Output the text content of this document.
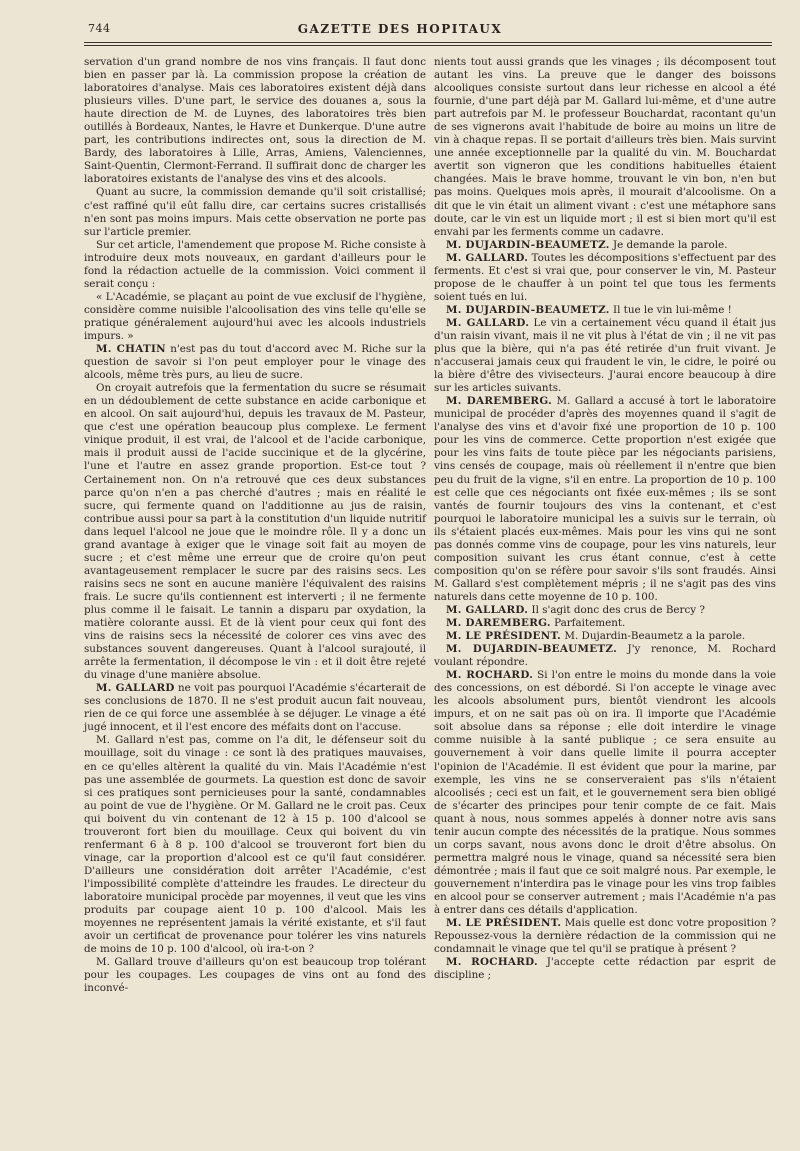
744	GAZETTE DES HOPITAUX

servation d'un grand nombre de nos vins français. Il faut donc bien en passer par là. La commission propose la création de laboratoires d'analyse. Mais ces laboratoires existent déjà dans plusieurs villes. D'une part, le service des douanes a, sous la haute direction de M. de Luynes, des laboratoires très bien outillés à Bordeaux, Nantes, le Havre et Dunkerque. D'une autre part, les contributions indirectes ont, sous la direction de M. Bardy, des laboratoires à Lille, Arras, Amiens, Valenciennes, Saint-Quentin, Clermont-Ferrand. Il suffirait donc de charger les laboratoires existants de l'analyse des vins et des alcools.

Quant au sucre, la commission demande qu'il soit cristallisé; c'est raffiné qu'il eût fallu dire, car certains sucres cristallisés n'en sont pas moins impurs. Mais cette observation ne porte pas sur l'article premier.

Sur cet article, l'amendement que propose M. Riche consiste à introduire deux mots nouveaux, en gardant d'ailleurs pour le fond la rédaction actuelle de la commission. Voici comment il serait conçu :

« L'Académie, se plaçant au point de vue exclusif de l'hygiène, considère comme nuisible l'alcoolisation des vins telle qu'elle se pratique généralement aujourd'hui avec les alcools industriels impurs. »

M. CHATIN n'est pas du tout d'accord avec M. Riche sur la question de savoir si l'on peut employer pour le vinage des alcools, même très purs, au lieu de sucre.

On croyait autrefois que la fermentation du sucre se résumait en un dédoublement de cette substance en acide carbonique et en alcool. On sait aujourd'hui, depuis les travaux de M. Pasteur, que c'est une opération beaucoup plus complexe. Le ferment vinique produit, il est vrai, de l'alcool et de l'acide carbonique, mais il produit aussi de l'acide succinique et de la glycérine, l'une et l'autre en assez grande proportion. Est-ce tout ? Certainement non. On n'a retrouvé que ces deux substances parce qu'on n'en a pas cherché d'autres ; mais en réalité le sucre, qui fermente quand on l'additionne au jus de raisin, contribue aussi pour sa part à la constitution d'un liquide nutritif dans lequel l'alcool ne joue que le moindre rôle. Il y a donc un grand avantage à exiger que le vinage soit fait au moyen de sucre ; et c'est même une erreur que de croire qu'on peut avantageusement remplacer le sucre par des raisins secs. Les raisins secs ne sont en aucune manière l'équivalent des raisins frais. Le sucre qu'ils contiennent est interverti ; il ne fermente plus comme il le faisait. Le tannin a disparu par oxydation, la matière colorante aussi. Et de là vient pour ceux qui font des vins de raisins secs la nécessité de colorer ces vins avec des substances souvent dangereuses. Quant à l'alcool surajouté, il arrête la fermentation, il décompose le vin : et il doit être rejeté du vinage d'une manière absolue.

M. GALLARD ne voit pas pourquoi l'Académie s'écarterait de ses conclusions de 1870. Il ne s'est produit aucun fait nouveau, rien de ce qui force une assemblée à se déjuger. Le vinage a été jugé innocent, et il l'est encore des méfaits dont on l'accuse.

M. Gallard n'est pas, comme on l'a dit, le défenseur soit du mouillage, soit du vinage : ce sont là des pratiques mauvaises, en ce qu'elles altèrent la qualité du vin. Mais l'Académie n'est pas une assemblée de gourmets. La question est donc de savoir si ces pratiques sont pernicieuses pour la santé, condamnables au point de vue de l'hygiène. Or M. Gallard ne le croit pas. Ceux qui boivent du vin contenant de 12 à 15 p. 100 d'alcool se trouveront fort bien du mouillage. Ceux qui boivent du vin renfermant 6 à 8 p. 100 d'alcool se trouveront fort bien du vinage, car la proportion d'alcool est ce qu'il faut considérer. D'ailleurs une considération doit arrêter l'Académie, c'est l'impossibilité complète d'atteindre les fraudes. Le directeur du laboratoire municipal procède par moyennes, il veut que les vins produits par coupage aient 10 p. 100 d'alcool. Mais les moyennes ne représentent jamais la vérité existante, et s'il faut avoir un certificat de provenance pour tolérer les vins naturels de moins de 10 p. 100 d'alcool, où ira-t-on ?

M. Gallard trouve d'ailleurs qu'on est beaucoup trop tolérant pour les coupages. Les coupages de vins ont au fond des inconvé-

nients tout aussi grands que les vinages ; ils décomposent tout autant les vins. La preuve que le danger des boissons alcooliques consiste surtout dans leur richesse en alcool a été fournie, d'une part déjà par M. Gallard lui-même, et d'une autre part autrefois par M. le professeur Bouchardat, racontant qu'un de ses vignerons avait l'habitude de boire au moins un litre de vin à chaque repas. Il se portait d'ailleurs très bien. Mais survint une année exceptionnelle par la qualité du vin. M. Bouchardat avertit son vigneron que les conditions habituelles étaient changées. Mais le brave homme, trouvant le vin bon, n'en but pas moins. Quelques mois après, il mourait d'alcoolisme. On a dit que le vin était un aliment vivant : c'est une métaphore sans doute, car le vin est un liquide mort ; il est si bien mort qu'il est envahi par les ferments comme un cadavre.

M. DUJARDIN-BEAUMETZ. Je demande la parole.

M. GALLARD. Toutes les décompositions s'effectuent par des ferments. Et c'est si vrai que, pour conserver le vin, M. Pasteur propose de le chauffer à un point tel que tous les ferments soient tués en lui.

M. DUJARDIN-BEAUMETZ. Il tue le vin lui-même !

M. GALLARD. Le vin a certainement vécu quand il était jus d'un raisin vivant, mais il ne vit plus à l'état de vin ; il ne vit pas plus que la bière, qui n'a pas été retirée d'un fruit vivant. Je n'accuserai jamais ceux qui fraudent le vin, le cidre, le poiré ou la bière d'être des vivisecteurs. J'aurai encore beaucoup à dire sur les articles suivants.

M. DAREMBERG. M. Gallard a accusé à tort le laboratoire municipal de procéder d'après des moyennes quand il s'agit de l'analyse des vins et d'avoir fixé une proportion de 10 p. 100 pour les vins de commerce. Cette proportion n'est exigée que pour les vins faits de toute pièce par les négociants parisiens, vins censés de coupage, mais où réellement il n'entre que bien peu du fruit de la vigne, s'il en entre. La proportion de 10 p. 100 est celle que ces négociants ont fixée eux-mêmes ; ils se sont vantés de fournir toujours des vins la contenant, et c'est pourquoi le laboratoire municipal les a suivis sur le terrain, où ils s'étaient placés eux-mêmes. Mais pour les vins qui ne sont pas donnés comme vins de coupage, pour les vins naturels, leur composition suivant les crus étant connue, c'est à cette composition qu'on se réfère pour savoir s'ils sont fraudés. Ainsi M. Gallard s'est complètement mépris ; il ne s'agit pas des vins naturels dans cette moyenne de 10 p. 100.

M. GALLARD. Il s'agit donc des crus de Bercy ?

M. DAREMBERG. Parfaitement.

M. LE PRÉSIDENT. M. Dujardin-Beaumetz a la parole.

M. DUJARDIN-BEAUMETZ. J'y renonce, M. Rochard voulant répondre.

M. ROCHARD. Si l'on entre le moins du monde dans la voie des concessions, on est débordé. Si l'on accepte le vinage avec les alcools absolument purs, bientôt viendront les alcools impurs, et on ne sait pas où on ira. Il importe que l'Académie soit absolue dans sa réponse ; elle doit interdire le vinage comme nuisible à la santé publique ; ce sera ensuite au gouvernement à voir dans quelle limite il pourra accepter l'opinion de l'Académie. Il est évident que pour la marine, par exemple, les vins ne se conserveraient pas s'ils n'étaient alcoolisés ; ceci est un fait, et le gouvernement sera bien obligé de s'écarter des principes pour tenir compte de ce fait. Mais quant à nous, nous sommes appelés à donner notre avis sans tenir aucun compte des nécessités de la pratique. Nous sommes un corps savant, nous avons donc le droit d'être absolus. On permettra malgré nous le vinage, quand sa nécessité sera bien démontrée ; mais il faut que ce soit malgré nous. Par exemple, le gouvernement n'interdira pas le vinage pour les vins trop faibles en alcool pour se conserver autrement ; mais l'Académie n'a pas à entrer dans ces détails d'application.

M. LE PRÉSIDENT. Mais quelle est donc votre proposition ? Repoussez-vous la dernière rédaction de la commission qui ne condamnait le vinage que tel qu'il se pratique à présent ?

M. ROCHARD. J'accepte cette rédaction par esprit de discipline ;
